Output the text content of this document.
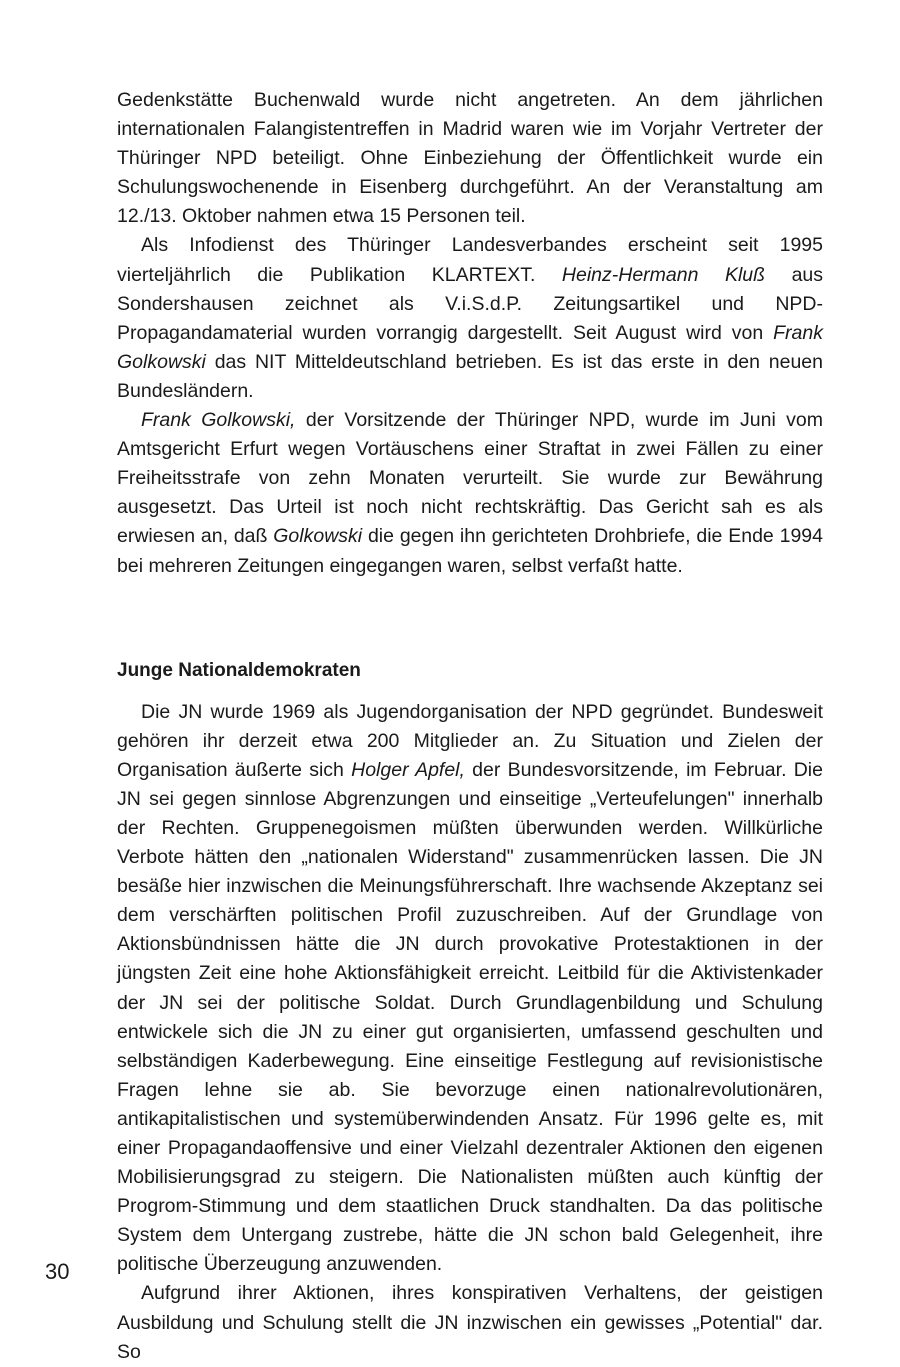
Gedenkstätte Buchenwald wurde nicht angetreten. An dem jährlichen internationalen Falangistentreffen in Madrid waren wie im Vorjahr Vertreter der Thüringer NPD beteiligt. Ohne Einbeziehung der Öffentlichkeit wurde ein Schulungswochenende in Eisenberg durchgeführt. An der Veranstaltung am 12./13. Oktober nahmen etwa 15 Personen teil.

Als Infodienst des Thüringer Landesverbandes erscheint seit 1995 vierteljährlich die Publikation KLARTEXT. Heinz-Hermann Kluß aus Sondershausen zeichnet als V.i.S.d.P. Zeitungsartikel und NPD-Propagandamaterial wurden vorrangig dargestellt. Seit August wird von Frank Golkowski das NIT Mitteldeutschland betrieben. Es ist das erste in den neuen Bundesländern.

Frank Golkowski, der Vorsitzende der Thüringer NPD, wurde im Juni vom Amtsgericht Erfurt wegen Vortäuschens einer Straftat in zwei Fällen zu einer Freiheitsstrafe von zehn Monaten verurteilt. Sie wurde zur Bewährung ausgesetzt. Das Urteil ist noch nicht rechtskräftig. Das Gericht sah es als erwiesen an, daß Golkowski die gegen ihn gerichteten Drohbriefe, die Ende 1994 bei mehreren Zeitungen eingegangen waren, selbst verfaßt hatte.

Junge Nationaldemokraten

Die JN wurde 1969 als Jugendorganisation der NPD gegründet. Bundesweit gehören ihr derzeit etwa 200 Mitglieder an. Zu Situation und Zielen der Organisation äußerte sich Holger Apfel, der Bundesvorsitzende, im Februar. Die JN sei gegen sinnlose Abgrenzungen und einseitige „Verteufelungen" innerhalb der Rechten. Gruppenegoismen müßten überwunden werden. Willkürliche Verbote hätten den „nationalen Widerstand" zusammenrücken lassen. Die JN besäße hier inzwischen die Meinungsführerschaft. Ihre wachsende Akzeptanz sei dem verschärften politischen Profil zuzuschreiben. Auf der Grundlage von Aktionsbündnissen hätte die JN durch provokative Protestaktionen in der jüngsten Zeit eine hohe Aktionsfähigkeit erreicht. Leitbild für die Aktivistenkader der JN sei der politische Soldat. Durch Grundlagenbildung und Schulung entwickele sich die JN zu einer gut organisierten, umfassend geschulten und selbständigen Kaderbewegung. Eine einseitige Festlegung auf revisionistische Fragen lehne sie ab. Sie bevorzuge einen nationalrevolutionären, antikapitalistischen und systemüberwindenden Ansatz. Für 1996 gelte es, mit einer Propagandaoffensive und einer Vielzahl dezentraler Aktionen den eigenen Mobilisierungsgrad zu steigern. Die Nationalisten müßten auch künftig der Progrom-Stimmung und dem staatlichen Druck standhalten. Da das politische System dem Untergang zustrebe, hätte die JN schon bald Gelegenheit, ihre politische Überzeugung anzuwenden.

Aufgrund ihrer Aktionen, ihres konspirativen Verhaltens, der geistigen Ausbildung und Schulung stellt die JN inzwischen ein gewisses „Potential" dar. So

30
